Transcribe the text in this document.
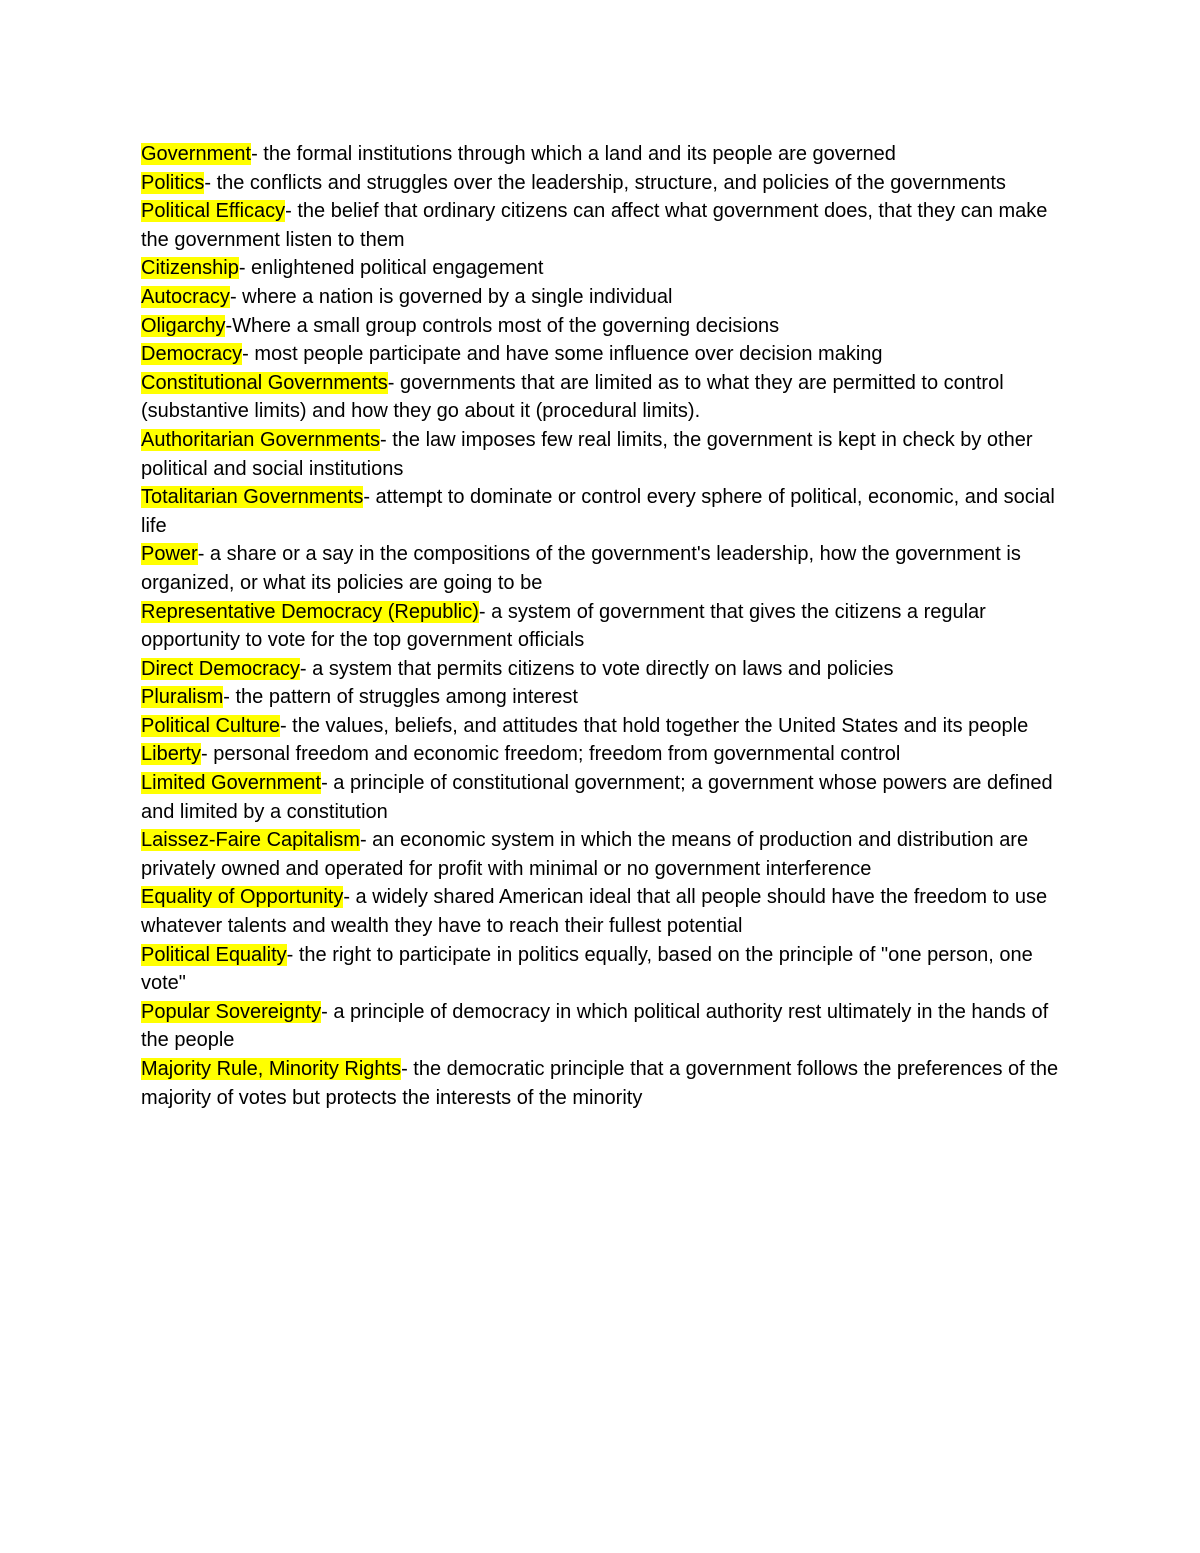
Government- the formal institutions through which a land and its people are governed

Politics- the conflicts and struggles over the leadership, structure, and policies of the governments

Political Efficacy- the belief that ordinary citizens can affect what government does, that they can make the government listen to them

Citizenship- enlightened political engagement

Autocracy- where a nation is governed by a single individual

Oligarchy-Where a small group controls most of the governing decisions

Democracy- most people participate and have some influence over decision making

Constitutional Governments- governments that are limited as to what they are permitted to control (substantive limits) and how they go about it (procedural limits).

Authoritarian Governments- the law imposes few real limits, the government is kept in check by other political and social institutions

Totalitarian Governments- attempt to dominate or control every sphere of political, economic, and social life

Power- a share or a say in the compositions of the government's leadership, how the government is organized, or what its policies are going to be

Representative Democracy (Republic)- a system of government that gives the citizens a regular opportunity to vote for the top government officials

Direct Democracy- a system that permits citizens to vote directly on laws and policies

Pluralism- the pattern of struggles among interest

Political Culture- the values, beliefs, and attitudes that hold together the United States and its people

Liberty- personal freedom and economic freedom; freedom from governmental control

Limited Government- a principle of constitutional government; a government whose powers are defined and limited by a constitution

Laissez-Faire Capitalism- an economic system in which the means of production and distribution are privately owned and operated for profit with minimal or no government interference

Equality of Opportunity- a widely shared American ideal that all people should have the freedom to use whatever talents and wealth they have to reach their fullest potential

Political Equality- the right to participate in politics equally, based on the principle of "one person, one vote"

Popular Sovereignty- a principle of democracy in which political authority rest ultimately in the hands of the people

Majority Rule, Minority Rights- the democratic principle that a government follows the preferences of the majority of votes but protects the interests of the minority
